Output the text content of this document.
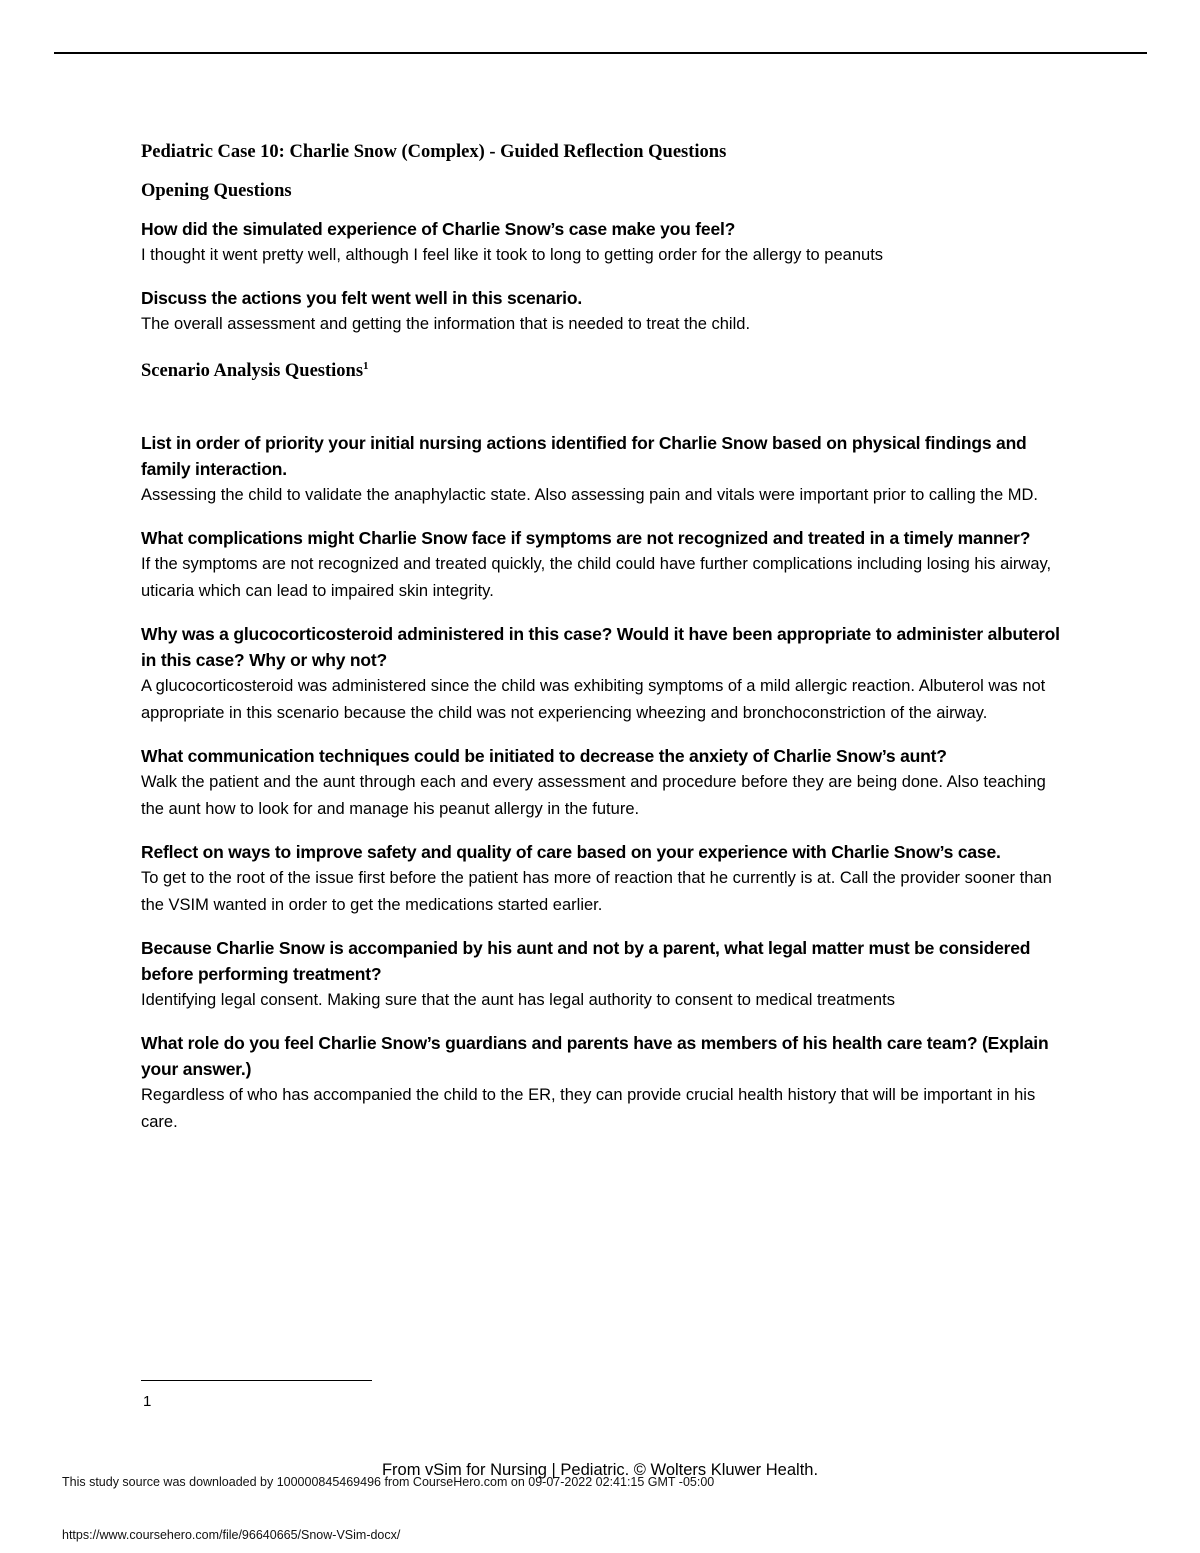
Pediatric Case 10: Charlie Snow (Complex) - Guided Reflection Questions

Opening Questions

How did the simulated experience of Charlie Snow’s case make you feel?

I thought it went pretty well, although I feel like it took to long to getting order for the allergy to peanuts

Discuss the actions you felt went well in this scenario.

The overall assessment and getting the information that is needed to treat the child.

Scenario Analysis Questions$^1$

List in order of priority your initial nursing actions identified for Charlie Snow based on physical findings and family interaction.

Assessing the child to validate the anaphylactic state. Also assessing pain and vitals were important prior to calling the MD.

What complications might Charlie Snow face if symptoms are not recognized and treated in a timely manner?

If the symptoms are not recognized and treated quickly, the child could have further complications including losing his airway, uticaria which can lead to impaired skin integrity.

Why was a glucocorticosteroid administered in this case? Would it have been appropriate to administer albuterol in this case? Why or why not?

A glucocorticosteroid was administered since the child was exhibiting symptoms of a mild allergic reaction. Albuterol was not appropriate in this scenario because the child was not experiencing wheezing and bronchoconstriction of the airway.

What communication techniques could be initiated to decrease the anxiety of Charlie Snow’s aunt?

Walk the patient and the aunt through each and every assessment and procedure before they are being done. Also teaching the aunt how to look for and manage his peanut allergy in the future.

Reflect on ways to improve safety and quality of care based on your experience with Charlie Snow’s case.

To get to the root of the issue first before the patient has more of reaction that he currently is at. Call the provider sooner than the VSIM wanted in order to get the medications started earlier.

Because Charlie Snow is accompanied by his aunt and not by a parent, what legal matter must be considered before performing treatment?

Identifying legal consent. Making sure that the aunt has legal authority to consent to medical treatments

What role do you feel Charlie Snow’s guardians and parents have as members of his health care team? (Explain your answer.)

Regardless of who has accompanied the child to the ER, they can provide crucial health history that will be important in his care.

1
From vSim for Nursing | Pediatric. © Wolters Kluwer Health.
This study source was downloaded by 100000845469496 from CourseHero.com on 09-07-2022 02:41:15 GMT -05:00
https://www.coursehero.com/file/96640665/Snow-VSim-docx/
